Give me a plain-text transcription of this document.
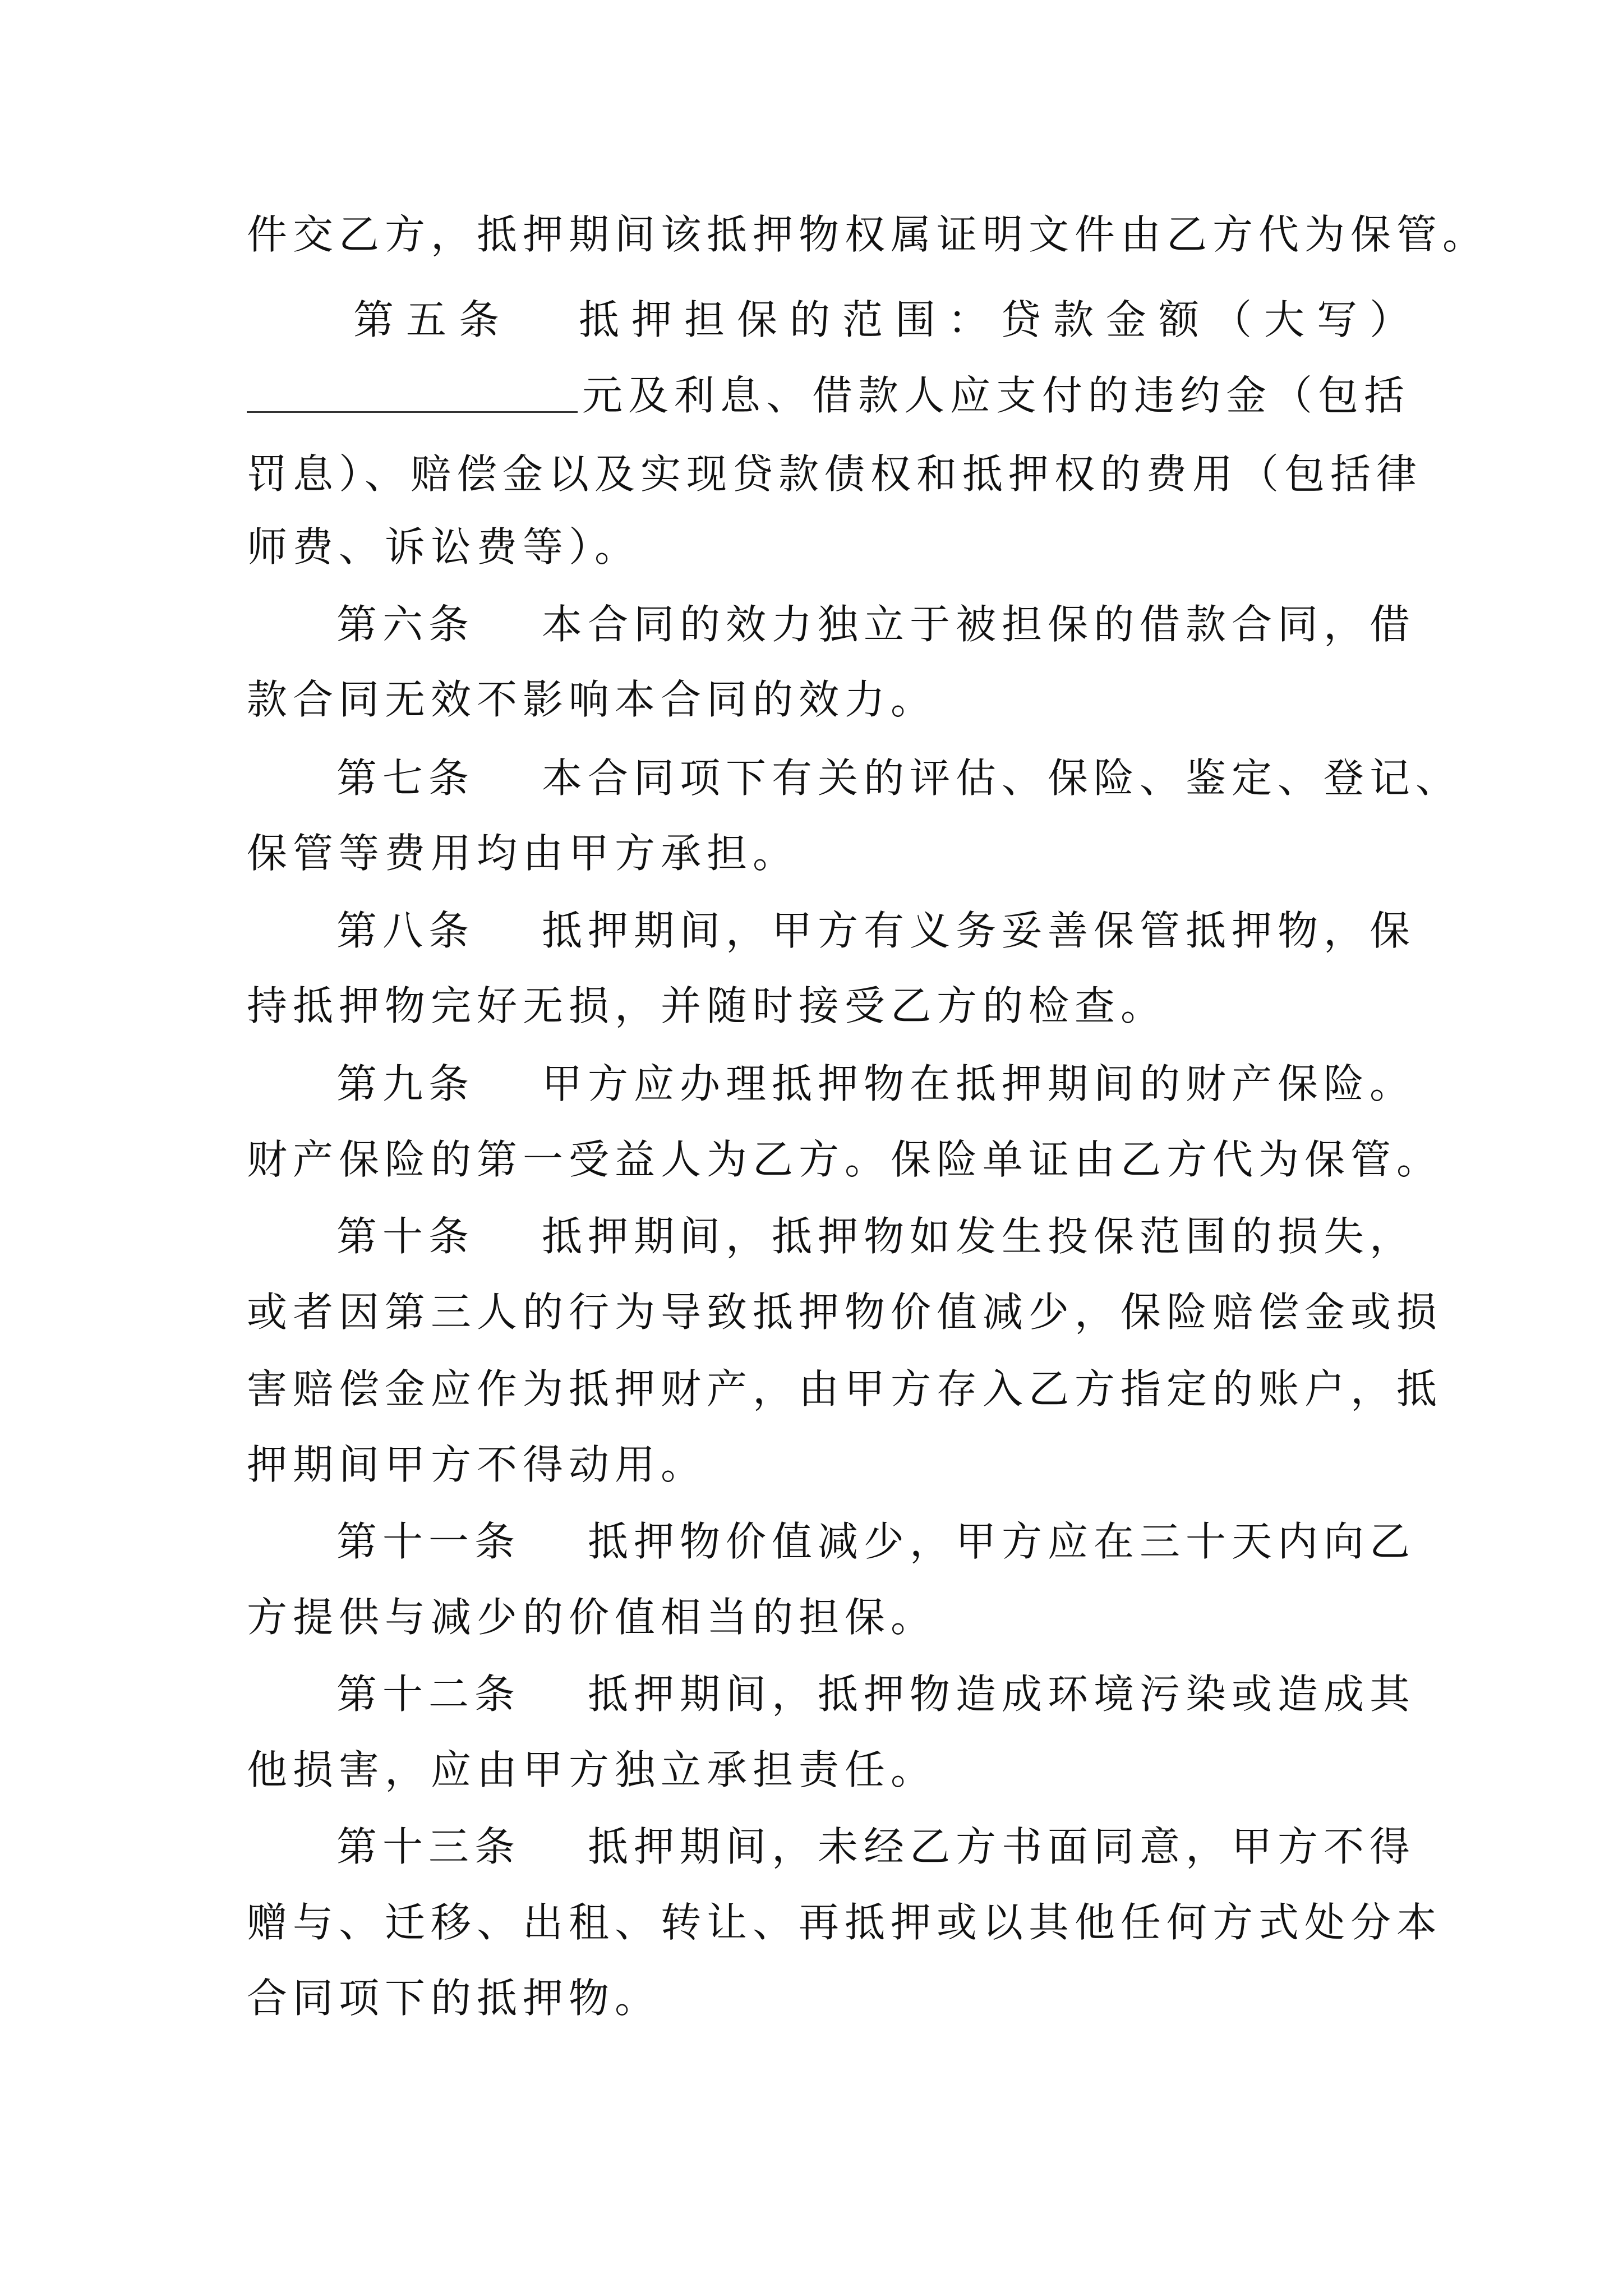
件交乙方，抵押期间该抵押物权属证明文件由乙方代为保管。
第五条 抵押担保的范围：贷款金额（大写）
元及利息、借款人应支付的违约金（包括
罚息）、赔偿金以及实现贷款债权和抵押权的费用（包括律
师费、诉讼费等）。
第六条 本合同的效力独立于被担保的借款合同，借
款合同无效不影响本合同的效力。
第七条 本合同项下有关的评估、保险、鉴定、登记、
保管等费用均由甲方承担。
第八条 抵押期间，甲方有义务妥善保管抵押物，保
持抵押物完好无损，并随时接受乙方的检查。
第九条 甲方应办理抵押物在抵押期间的财产保险。
财产保险的第一受益人为乙方。保险单证由乙方代为保管。
第十条 抵押期间，抵押物如发生投保范围的损失，
或者因第三人的行为导致抵押物价值减少，保险赔偿金或损
害赔偿金应作为抵押财产，由甲方存入乙方指定的账户，抵
押期间甲方不得动用。
第十一条 抵押物价值减少，甲方应在三十天内向乙
方提供与减少的价值相当的担保。
第十二条 抵押期间，抵押物造成环境污染或造成其
他损害，应由甲方独立承担责任。
第十三条 抵押期间，未经乙方书面同意，甲方不得
赠与、迁移、出租、转让、再抵押或以其他任何方式处分本
合同项下的抵押物。
